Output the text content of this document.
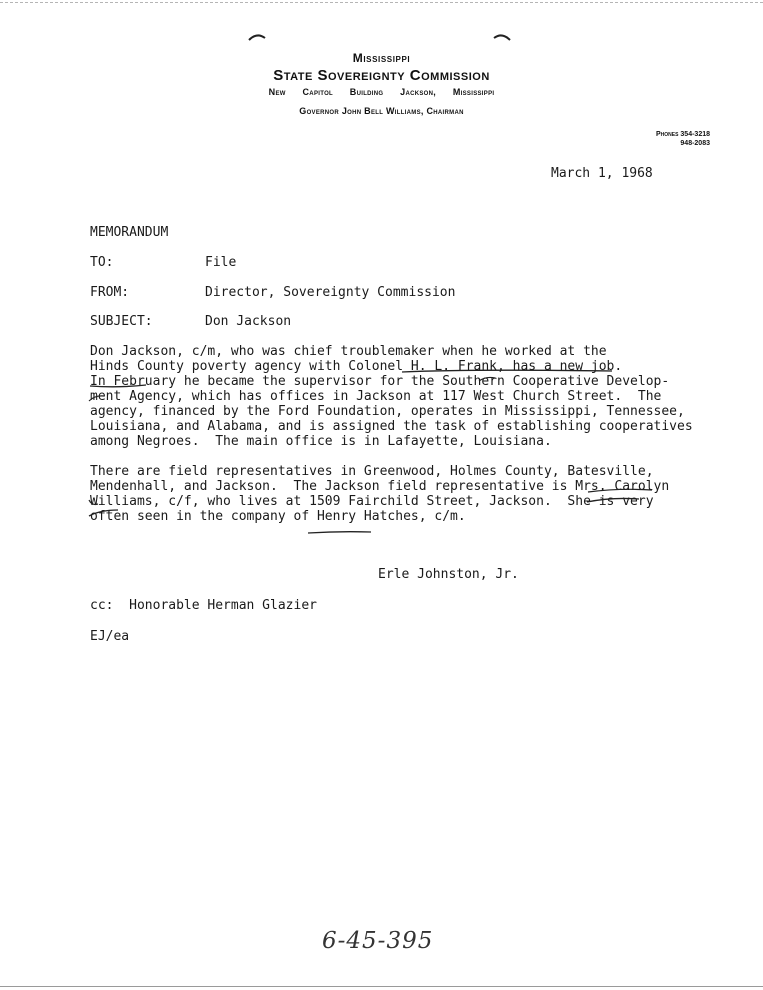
Mississippi
State Sovereignty Commission
New Capitol Building Jackson, Mississippi
Governor John Bell Williams, Chairman
Phones 354-3218
948-2083
March 1, 1968
MEMORANDUM
TO:	File
FROM:	Director, Sovereignty Commission
SUBJECT:	Don Jackson
Don Jackson, c/m, who was chief troublemaker when he worked at the
Hinds County poverty agency with Colonel H. L. Frank, has a new job.
In February he became the supervisor for the Southern Cooperative Develop-
ment Agency, which has offices in Jackson at 117 West Church Street.  The
agency, financed by the Ford Foundation, operates in Mississippi, Tennessee,
Louisiana, and Alabama, and is assigned the task of establishing cooperatives
among Negroes.  The main office is in Lafayette, Louisiana.
There are field representatives in Greenwood, Holmes County, Batesville,
Mendenhall, and Jackson.  The Jackson field representative is Mrs. Carolyn
Williams, c/f, who lives at 1509 Fairchild Street, Jackson.  She is very
often seen in the company of Henry Hatches, c/m.
Erle Johnston, Jr.
cc:  Honorable Herman Glazier
EJ/ea
6-45-395
